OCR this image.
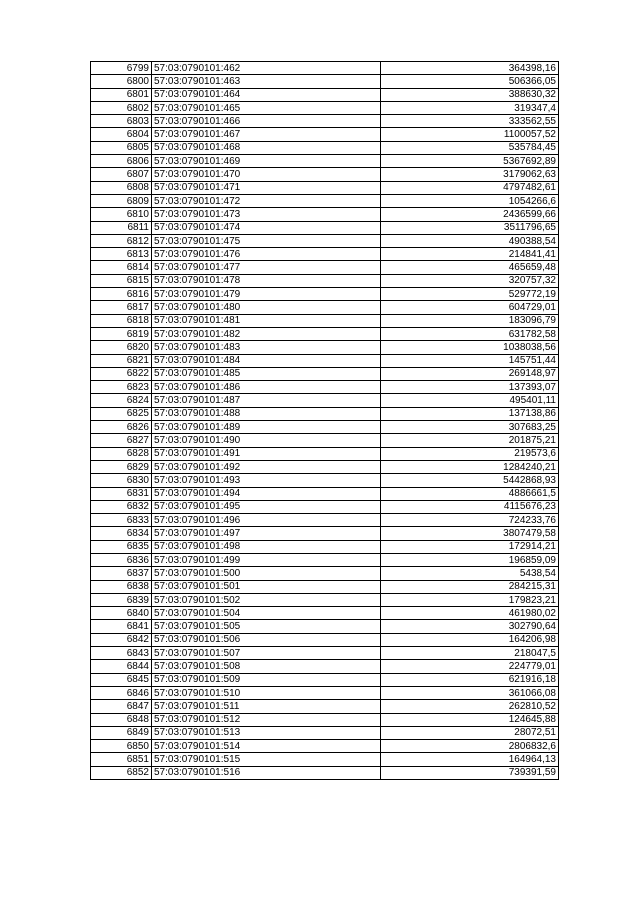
6799	57:03:0790101:462	364398,16
6800	57:03:0790101:463	506366,05
6801	57:03:0790101:464	388630,32
6802	57:03:0790101:465	319347,4
6803	57:03:0790101:466	333562,55
6804	57:03:0790101:467	1100057,52
6805	57:03:0790101:468	535784,45
6806	57:03:0790101:469	5367692,89
6807	57:03:0790101:470	3179062,63
6808	57:03:0790101:471	4797482,61
6809	57:03:0790101:472	1054266,6
6810	57:03:0790101:473	2436599,66
6811	57:03:0790101:474	3511796,65
6812	57:03:0790101:475	490388,54
6813	57:03:0790101:476	214841,41
6814	57:03:0790101:477	465659,48
6815	57:03:0790101:478	320757,32
6816	57:03:0790101:479	529772,19
6817	57:03:0790101:480	604729,01
6818	57:03:0790101:481	183096,79
6819	57:03:0790101:482	631782,58
6820	57:03:0790101:483	1038038,56
6821	57:03:0790101:484	145751,44
6822	57:03:0790101:485	269148,97
6823	57:03:0790101:486	137393,07
6824	57:03:0790101:487	495401,11
6825	57:03:0790101:488	137138,86
6826	57:03:0790101:489	307683,25
6827	57:03:0790101:490	201875,21
6828	57:03:0790101:491	219573,6
6829	57:03:0790101:492	1284240,21
6830	57:03:0790101:493	5442868,93
6831	57:03:0790101:494	4886661,5
6832	57:03:0790101:495	4115676,23
6833	57:03:0790101:496	724233,76
6834	57:03:0790101:497	3807479,58
6835	57:03:0790101:498	172914,21
6836	57:03:0790101:499	196859,09
6837	57:03:0790101:500	5438,54
6838	57:03:0790101:501	284215,31
6839	57:03:0790101:502	179823,21
6840	57:03:0790101:504	461980,02
6841	57:03:0790101:505	302790,64
6842	57:03:0790101:506	164206,98
6843	57:03:0790101:507	218047,5
6844	57:03:0790101:508	224779,01
6845	57:03:0790101:509	621916,18
6846	57:03:0790101:510	361066,08
6847	57:03:0790101:511	262810,52
6848	57:03:0790101:512	124645,88
6849	57:03:0790101:513	28072,51
6850	57:03:0790101:514	2806832,6
6851	57:03:0790101:515	164964,13
6852	57:03:0790101:516	739391,59
